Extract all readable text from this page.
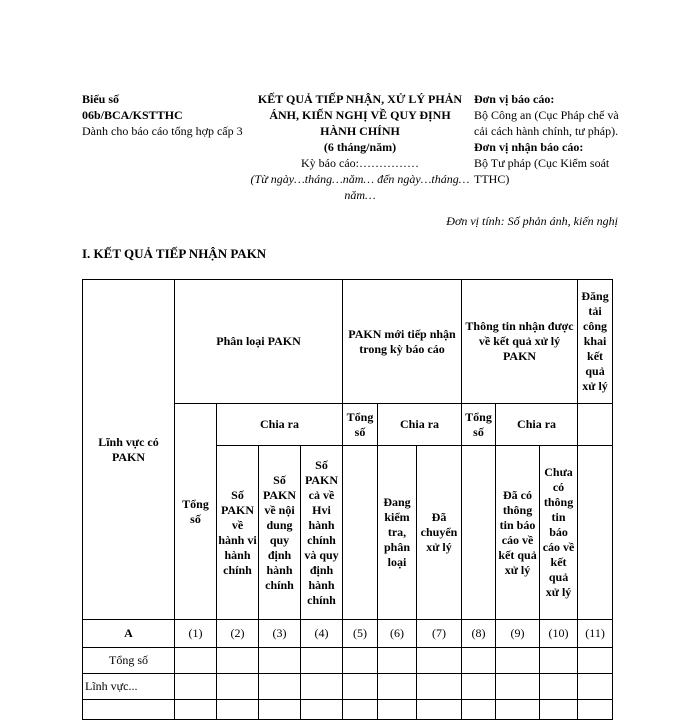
Biểu số
06b/BCA/KSTTHC
Dành cho báo cáo tổng hợp cấp 3
KẾT QUẢ TIẾP NHẬN, XỬ LÝ PHẢN ÁNH, KIẾN NGHỊ VỀ QUY ĐỊNH HÀNH CHÍNH
(6 tháng/năm)
Kỳ báo cáo:……………
(Từ ngày…tháng…năm… đến ngày…tháng…năm…
Đơn vị báo cáo:
Bộ Công an (Cục Pháp chế và cải cách hành chính, tư pháp).
Đơn vị nhận báo cáo:
Bộ Tư pháp (Cục Kiểm soát TTHC)
Đơn vị tính: Số phản ánh, kiến nghị
I. KẾT QUẢ TIẾP NHẬN PAKN
Lĩnh vực có PAKN	Phân loại PAKN				PAKN mới tiếp nhận trong kỳ báo cáo			Thông tin nhận được về kết quả xử lý PAKN			Đăng tải công khai kết quả xử lý
	Tổng số	Chia ra			Tổng số	Chia ra		Tổng số	Chia ra		
		Số PAKN về hành vi hành chính	Số PAKN về nội dung quy định hành chính	Số PAKN cả về Hvi hành chính và quy định hành chính		Đang kiểm tra, phân loại	Đã chuyển xử lý		Đã có thông tin báo cáo về kết quả xử lý	Chưa có thông tin báo cáo về kết quả xử lý	
A	(1)	(2)	(3)	(4)	(5)	(6)	(7)	(8)	(9)	(10)	(11)
Tổng số											
Lĩnh vực...											
